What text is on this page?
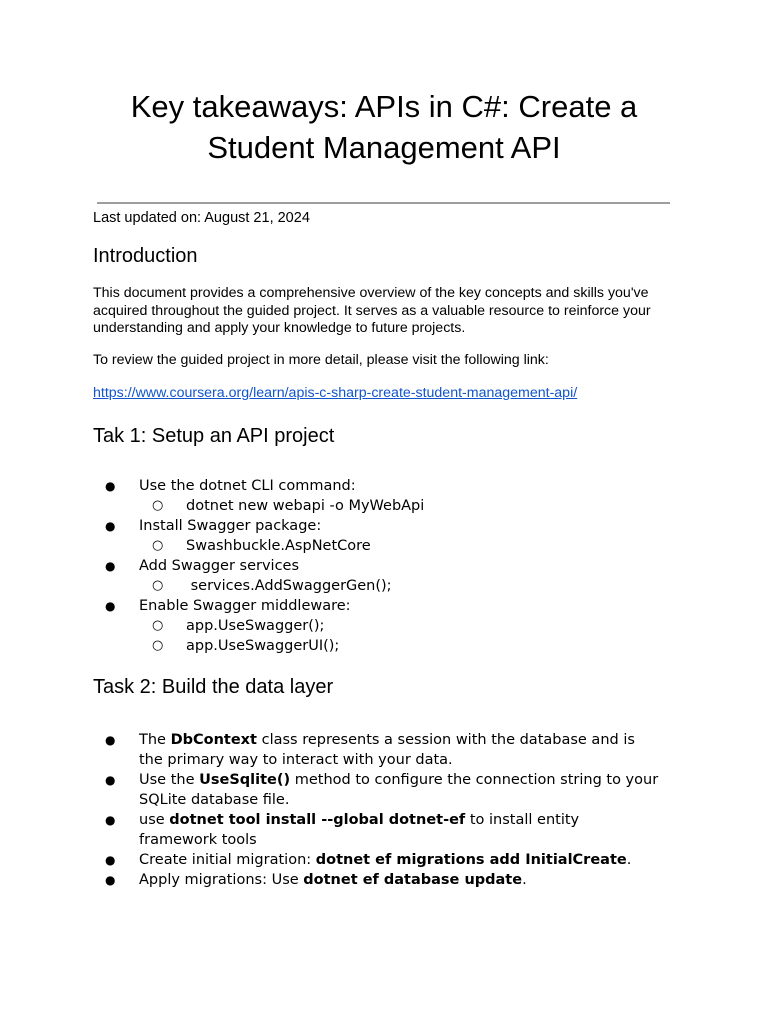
Key takeaways: APIs in C#: Create a
Student Management API
Last updated on: August 21, 2024
Introduction

This document provides a comprehensive overview of the key concepts and skills you've acquired throughout the guided project. It serves as a valuable resource to reinforce your understanding and apply your knowledge to future projects.

To review the guided project in more detail, please visit the following link:

https://www.coursera.org/learn/apis-c-sharp-create-student-management-api/

Tak 1: Setup an API project
● Use the dotnet CLI command:
○ dotnet new webapi -o MyWebApi
● Install Swagger package:
○ Swashbuckle.AspNetCore
● Add Swagger services
○  services.AddSwaggerGen();
● Enable Swagger middleware:
○ app.UseSwagger();
○ app.UseSwaggerUI();
Task 2: Build the data layer
● The DbContext class represents a session with the database and is the primary way to interact with your data.
● Use the UseSqlite() method to configure the connection string to your SQLite database file.
● use dotnet tool install --global dotnet-ef to install entity framework tools
● Create initial migration: dotnet ef migrations add InitialCreate.
● Apply migrations: Use dotnet ef database update.
